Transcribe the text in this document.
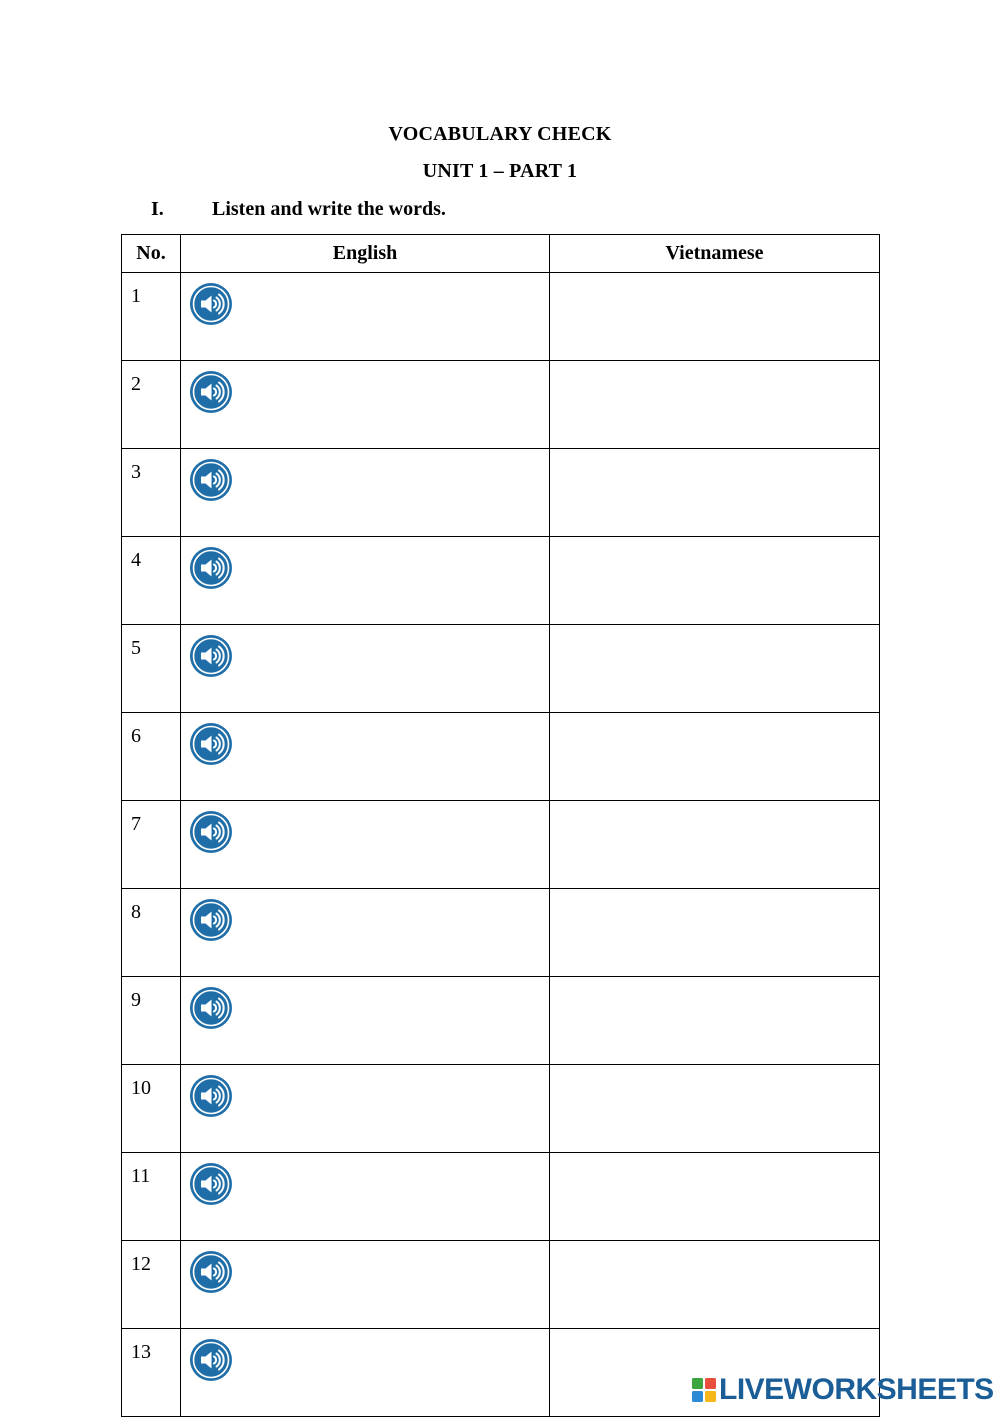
VOCABULARY CHECK
UNIT 1 – PART 1
I. Listen and write the words.
No.	English	Vietnamese
1	

2	

3	

4	

5	

6	

7	

8	

9	

10	

11	

12	

13	

LIVEWORKSHEETS
